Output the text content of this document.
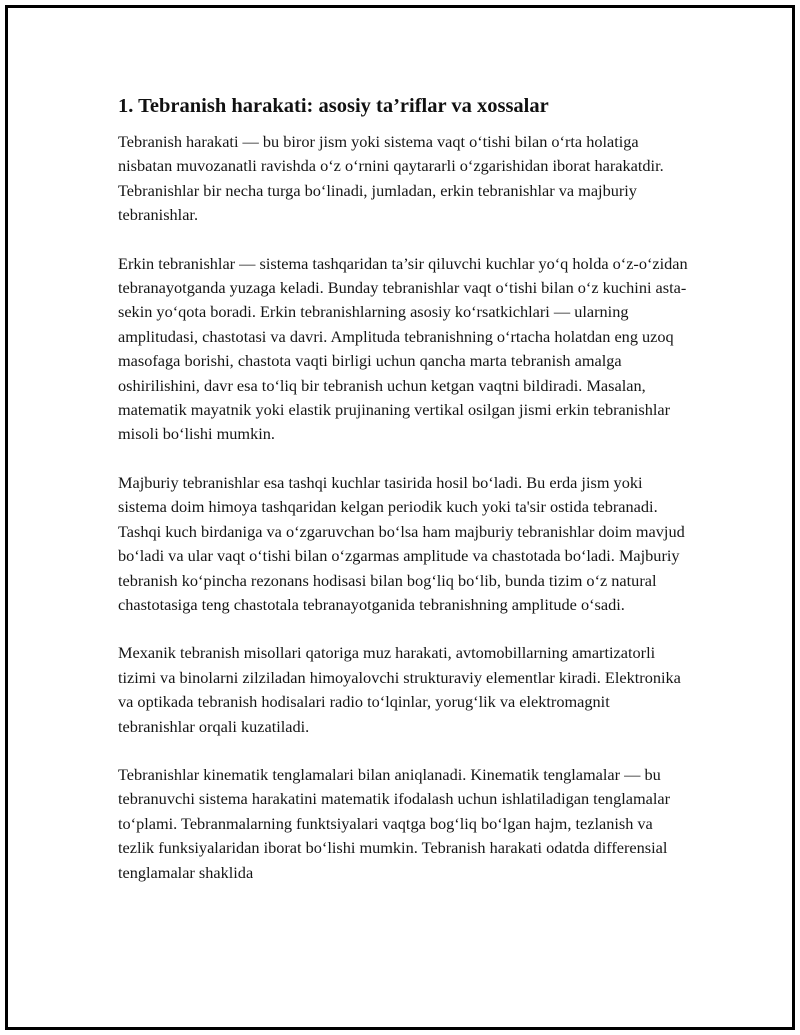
1. Tebranish harakati: asosiy ta’riflar va xossalar

Tebranish harakati — bu biror jism yoki sistema vaqt oʻtishi bilan oʻrta holatiga nisbatan muvozanatli ravishda oʻz oʻrnini qaytararli oʻzgarishidan iborat harakatdir. Tebranishlar bir necha turga boʻlinadi, jumladan, erkin tebranishlar va majburiy tebranishlar.

Erkin tebranishlar — sistema tashqaridan ta’sir qiluvchi kuchlar yoʻq holda oʻz-oʻzidan tebranayotganda yuzaga keladi. Bunday tebranishlar vaqt oʻtishi bilan oʻz kuchini asta-sekin yoʻqota boradi. Erkin tebranishlarning asosiy koʻrsatkichlari — ularning amplitudasi, chastotasi va davri. Amplituda tebranishning oʻrtacha holatdan eng uzoq masofaga borishi, chastota vaqti birligi uchun qancha marta tebranish amalga oshirilishini, davr esa toʻliq bir tebranish uchun ketgan vaqtni bildiradi. Masalan, matematik mayatnik yoki elastik prujinaning vertikal osilgan jismi erkin tebranishlar misoli boʻlishi mumkin.

Majburiy tebranishlar esa tashqi kuchlar tasirida hosil boʻladi. Bu erda jism yoki sistema doim himoya tashqaridan kelgan periodik kuch yoki ta'sir ostida tebranadi. Tashqi kuch birdaniga va oʻzgaruvchan boʻlsa ham majburiy tebranishlar doim mavjud boʻladi va ular vaqt oʻtishi bilan oʻzgarmas amplitude va chastotada boʻladi. Majburiy tebranish koʻpincha rezonans hodisasi bilan bogʻliq boʻlib, bunda tizim oʻz natural chastotasiga teng chastotala tebranayotganida tebranishning amplitude oʻsadi.

Mexanik tebranish misollari qatoriga muz harakati, avtomobillarning amartizatorli tizimi va binolarni zilziladan himoyalovchi strukturaviy elementlar kiradi. Elektronika va optikada tebranish hodisalari radio toʻlqinlar, yorugʻlik va elektromagnit tebranishlar orqali kuzatiladi.

Tebranishlar kinematik tenglamalari bilan aniqlanadi. Kinematik tenglamalar — bu tebranuvchi sistema harakatini matematik ifodalash uchun ishlatiladigan tenglamalar toʻplami. Tebranmalarning funktsiyalari vaqtga bogʻliq boʻlgan hajm, tezlanish va tezlik funksiyalaridan iborat boʻlishi mumkin. Tebranish harakati odatda differensial tenglamalar shaklida
